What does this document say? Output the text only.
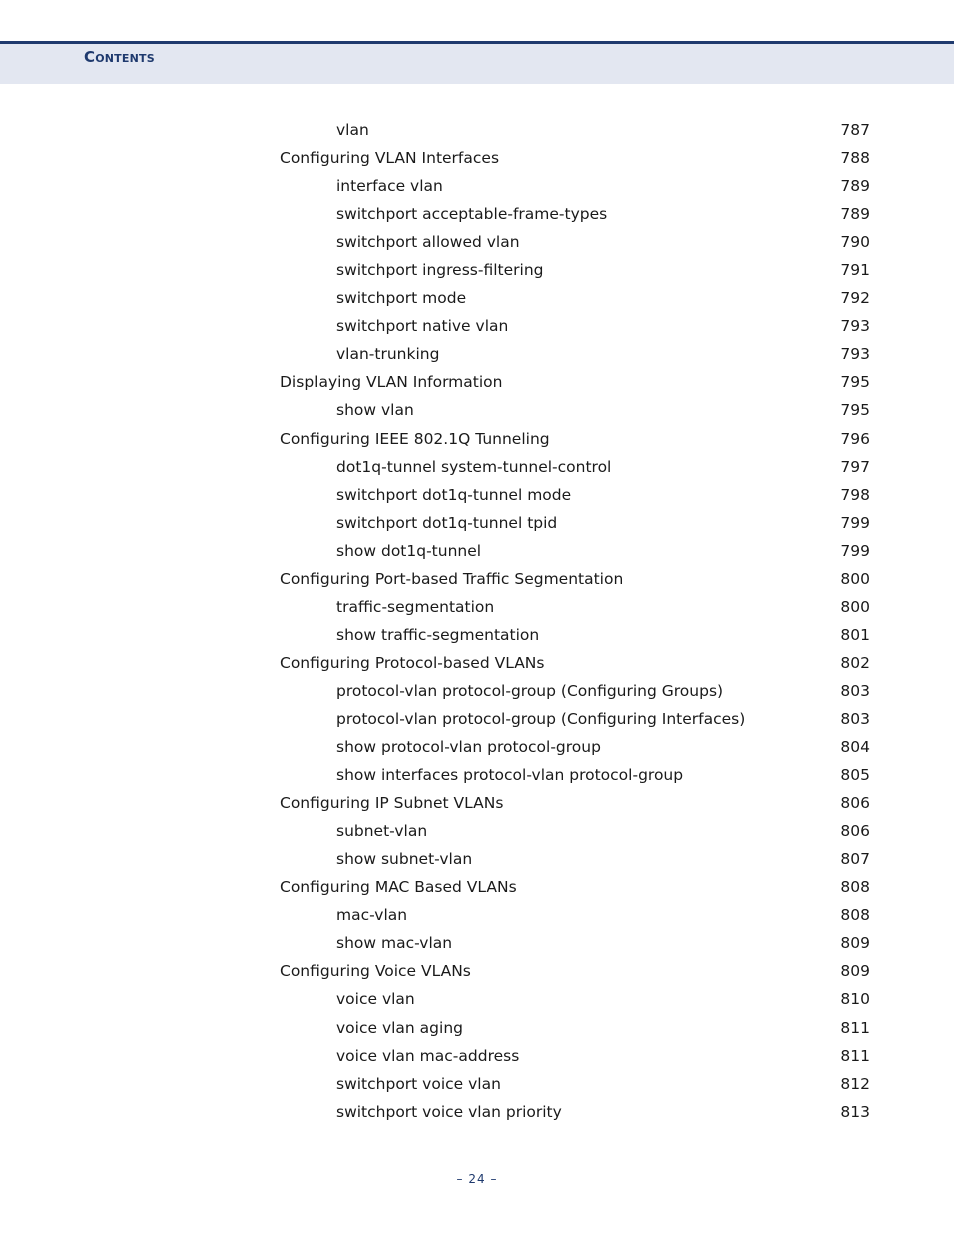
Contents
vlan	787
Configuring VLAN Interfaces	788
interface vlan	789
switchport acceptable-frame-types	789
switchport allowed vlan	790
switchport ingress-filtering	791
switchport mode	792
switchport native vlan	793
vlan-trunking	793
Displaying VLAN Information	795
show vlan	795
Configuring IEEE 802.1Q Tunneling	796
dot1q-tunnel system-tunnel-control	797
switchport dot1q-tunnel mode	798
switchport dot1q-tunnel tpid	799
show dot1q-tunnel	799
Configuring Port-based Traffic Segmentation	800
traffic-segmentation	800
show traffic-segmentation	801
Configuring Protocol-based VLANs	802
protocol-vlan protocol-group (Configuring Groups)	803
protocol-vlan protocol-group (Configuring Interfaces)	803
show protocol-vlan protocol-group	804
show interfaces protocol-vlan protocol-group	805
Configuring IP Subnet VLANs	806
subnet-vlan	806
show subnet-vlan	807
Configuring MAC Based VLANs	808
mac-vlan	808
show mac-vlan	809
Configuring Voice VLANs	809
voice vlan	810
voice vlan aging	811
voice vlan mac-address	811
switchport voice vlan	812
switchport voice vlan priority	813
– 24 –
